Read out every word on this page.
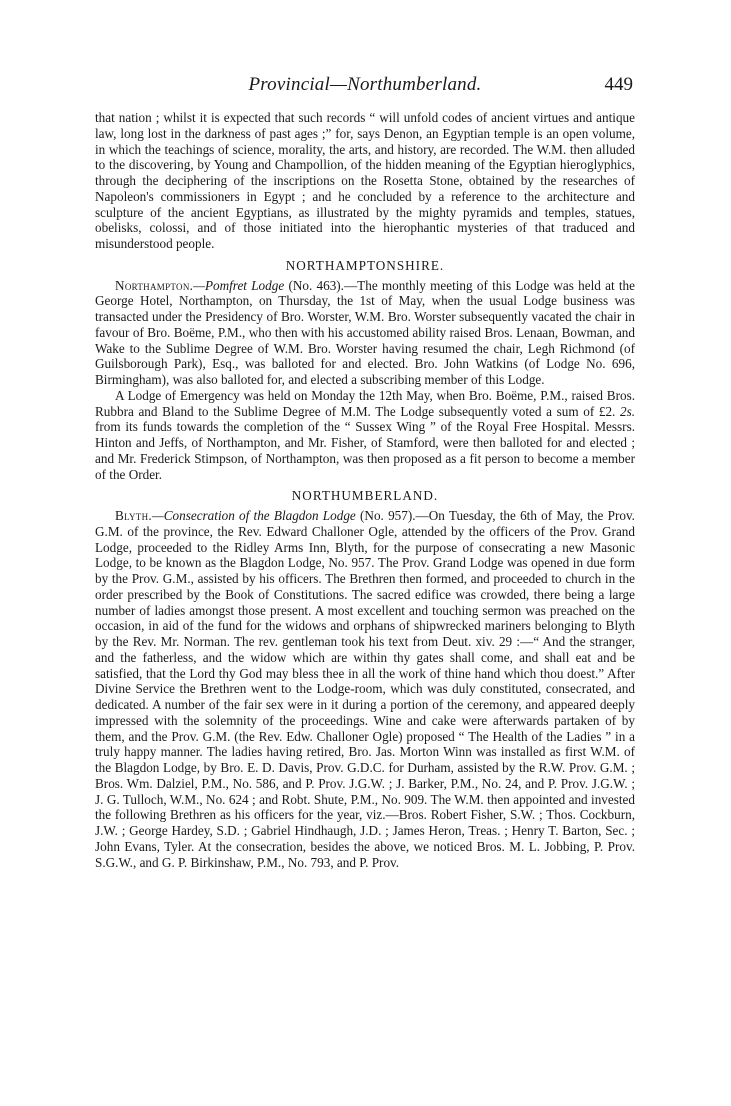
Provincial—Northumberland.	449

that nation ; whilst it is expected that such records “ will unfold codes of ancient virtues and antique law, long lost in the darkness of past ages ;” for, says Denon, an Egyptian temple is an open volume, in which the teachings of science, morality, the arts, and history, are recorded. The W.M. then alluded to the discovering, by Young and Champollion, of the hidden meaning of the Egyptian hieroglyphics, through the deciphering of the inscriptions on the Rosetta Stone, obtained by the researches of Napoleon's commissioners in Egypt ; and he concluded by a reference to the architecture and sculpture of the ancient Egyptians, as illustrated by the mighty pyramids and temples, statues, obelisks, colossi, and of those initiated into the hierophantic mysteries of that traduced and misunderstood people.

NORTHAMPTONSHIRE.

Northampton.—Pomfret Lodge (No. 463).—The monthly meeting of this Lodge was held at the George Hotel, Northampton, on Thursday, the 1st of May, when the usual Lodge business was transacted under the Presidency of Bro. Worster, W.M. Bro. Worster subsequently vacated the chair in favour of Bro. Boëme, P.M., who then with his accustomed ability raised Bros. Lenaan, Bowman, and Wake to the Sublime Degree of W.M. Bro. Worster having resumed the chair, Legh Richmond (of Guilsborough Park), Esq., was balloted for and elected. Bro. John Watkins (of Lodge No. 696, Birmingham), was also balloted for, and elected a subscribing member of this Lodge.

A Lodge of Emergency was held on Monday the 12th May, when Bro. Boëme, P.M., raised Bros. Rubbra and Bland to the Sublime Degree of M.M. The Lodge subsequently voted a sum of £2. 2s. from its funds towards the completion of the “ Sussex Wing ” of the Royal Free Hospital. Messrs. Hinton and Jeffs, of Northampton, and Mr. Fisher, of Stamford, were then balloted for and elected ; and Mr. Frederick Stimpson, of Northampton, was then proposed as a fit person to become a member of the Order.

NORTHUMBERLAND.

Blyth.—Consecration of the Blagdon Lodge (No. 957).—On Tuesday, the 6th of May, the Prov. G.M. of the province, the Rev. Edward Challoner Ogle, attended by the officers of the Prov. Grand Lodge, proceeded to the Ridley Arms Inn, Blyth, for the purpose of consecrating a new Masonic Lodge, to be known as the Blagdon Lodge, No. 957. The Prov. Grand Lodge was opened in due form by the Prov. G.M., assisted by his officers. The Brethren then formed, and proceeded to church in the order prescribed by the Book of Constitutions. The sacred edifice was crowded, there being a large number of ladies amongst those present. A most excellent and touching sermon was preached on the occasion, in aid of the fund for the widows and orphans of shipwrecked mariners belonging to Blyth by the Rev. Mr. Norman. The rev. gentleman took his text from Deut. xiv. 29 :—“ And the stranger, and the fatherless, and the widow which are within thy gates shall come, and shall eat and be satisfied, that the Lord thy God may bless thee in all the work of thine hand which thou doest.” After Divine Service the Brethren went to the Lodge-room, which was duly constituted, consecrated, and dedicated. A number of the fair sex were in it during a portion of the ceremony, and appeared deeply impressed with the solemnity of the proceedings. Wine and cake were afterwards partaken of by them, and the Prov. G.M. (the Rev. Edw. Challoner Ogle) proposed “ The Health of the Ladies ” in a truly happy manner. The ladies having retired, Bro. Jas. Morton Winn was installed as first W.M. of the Blagdon Lodge, by Bro. E. D. Davis, Prov. G.D.C. for Durham, assisted by the R.W. Prov. G.M. ; Bros. Wm. Dalziel, P.M., No. 586, and P. Prov. J.G.W. ; J. Barker, P.M., No. 24, and P. Prov. J.G.W. ; J. G. Tulloch, W.M., No. 624 ; and Robt. Shute, P.M., No. 909. The W.M. then appointed and invested the following Brethren as his officers for the year, viz.—Bros. Robert Fisher, S.W. ; Thos. Cockburn, J.W. ; George Hardey, S.D. ; Gabriel Hindhaugh, J.D. ; James Heron, Treas. ; Henry T. Barton, Sec. ; John Evans, Tyler. At the consecration, besides the above, we noticed Bros. M. L. Jobbing, P. Prov. S.G.W., and G. P. Birkinshaw, P.M., No. 793, and P. Prov.
